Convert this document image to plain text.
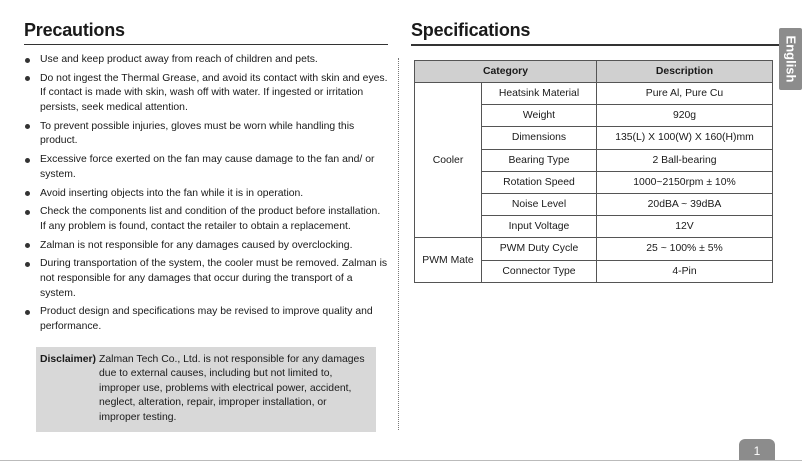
Precautions
Use and keep product away from reach of children and pets.
Do not ingest the Thermal Grease, and avoid its contact with skin and eyes. If contact is made with skin, wash off with water. If ingested or irritation persists, seek medical attention.
To prevent possible injuries, gloves must be worn while handling this product.
Excessive force exerted on the fan may cause damage to the fan and/ or system.
Avoid inserting objects into the fan while it is in operation.
Check the components list and condition of the product before installation. If any problem is found, contact the retailer to obtain a replacement.
Zalman is not responsible for any damages caused by overclocking.
During transportation of the system, the cooler must be removed. Zalman is not responsible for any damages that occur during the transport of a system.
Product design and specifications may be revised to improve quality and performance.
Disclaimer) Zalman Tech Co., Ltd. is not responsible for any damages due to external causes, including but not limited to, improper use, problems with electrical power, accident, neglect, alteration, repair, improper installation, or improper testing.
Specifications
Category		Description
Cooler	Heatsink Material	Pure Al, Pure Cu
	Weight	920g
	Dimensions	135(L) X 100(W) X 160(H)mm
	Bearing Type	2 Ball-bearing
	Rotation Speed	1000~2150rpm ± 10%
	Noise Level	20dBA ~ 39dBA
	Input Voltage	12V
PWM Mate	PWM Duty Cycle	25 ~ 100% ± 5%
	Connector Type	4-Pin
English
1
